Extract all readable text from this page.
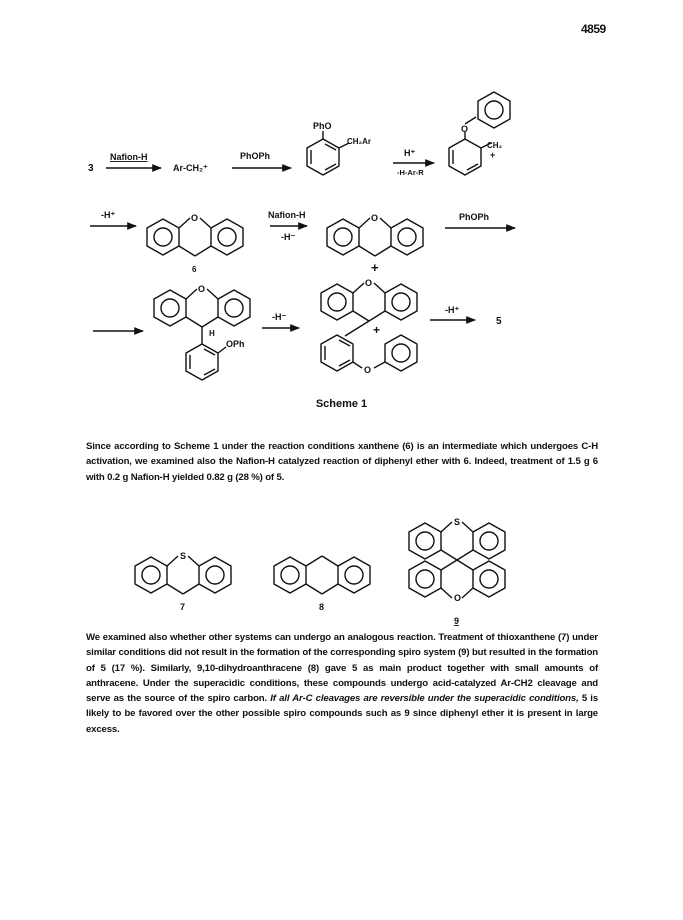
4859
3
Nafion-H
Ar-CH₂⁺
PhOPh
PhO
CH₂Ar
H⁺
-H-Ar-R
O
CH₂
+
-H⁺	O
6
Nafion-H
-H⁻
O
+
PhOPh
O
H
OPh
-H⁻
O
+
O
-H⁺
5
S
7	8
S
O
9
Scheme 1

Since according to Scheme 1 under the reaction conditions xanthene (6) is an intermediate which undergoes C-H activation, we examined also the Nafion-H catalyzed reaction of diphenyl ether with 6. Indeed, treatment of 1.5 g 6 with 0.2 g Nafion-H yielded 0.82 g (28 %) of 5.

We examined also whether other systems can undergo an analogous reaction. Treatment of thioxanthene (7) under similar conditions did not result in the formation of the corresponding spiro system (9) but resulted in the formation of 5 (17 %). Similarly, 9,10-dihydroanthracene (8) gave 5 as main product together with small amounts of anthracene. Under the superacidic conditions, these compounds undergo acid-catalyzed Ar-CH2 cleavage and serve as the source of the spiro carbon. If all Ar-C cleavages are reversible under the superacidic conditions, 5 is likely to be favored over the other possible spiro compounds such as 9 since diphenyl ether it is present in large excess.
